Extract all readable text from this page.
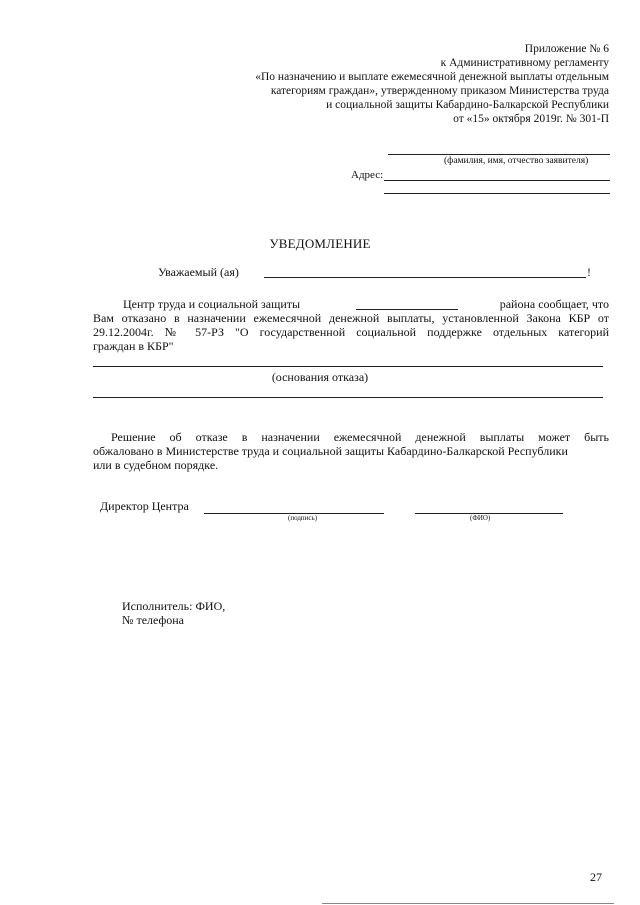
Приложение № 6
к Административному регламенту
«По назначению и выплате ежемесячной денежной выплаты отдельным
категориям граждан», утвержденному приказом Министерства труда
и социальной защиты Кабардино-Балкарской Республики
от «15» октября 2019г. № 301-П
(фамилия, имя, отчество заявителя)
Адрес:
УВЕДОМЛЕНИЕ
Уважаемый (ая)	!
Центр труда и социальной защиты	района сообщает, что
Вам отказано в назначении ежемесячной денежной выплаты, установленной Закона КБР от
29.12.2004г. № 57-РЗ "О государственной социальной поддержке отдельных категорий
граждан в КБР"
(основания отказа)
Решение об отказе в назначении ежемесячной денежной выплаты может быть
обжаловано в Министерстве труда и социальной защиты Кабардино-Балкарской Республики
или в судебном порядке.
Директор Центра
(подпись)	(ФИО)
Исполнитель: ФИО,
№ телефона
27
